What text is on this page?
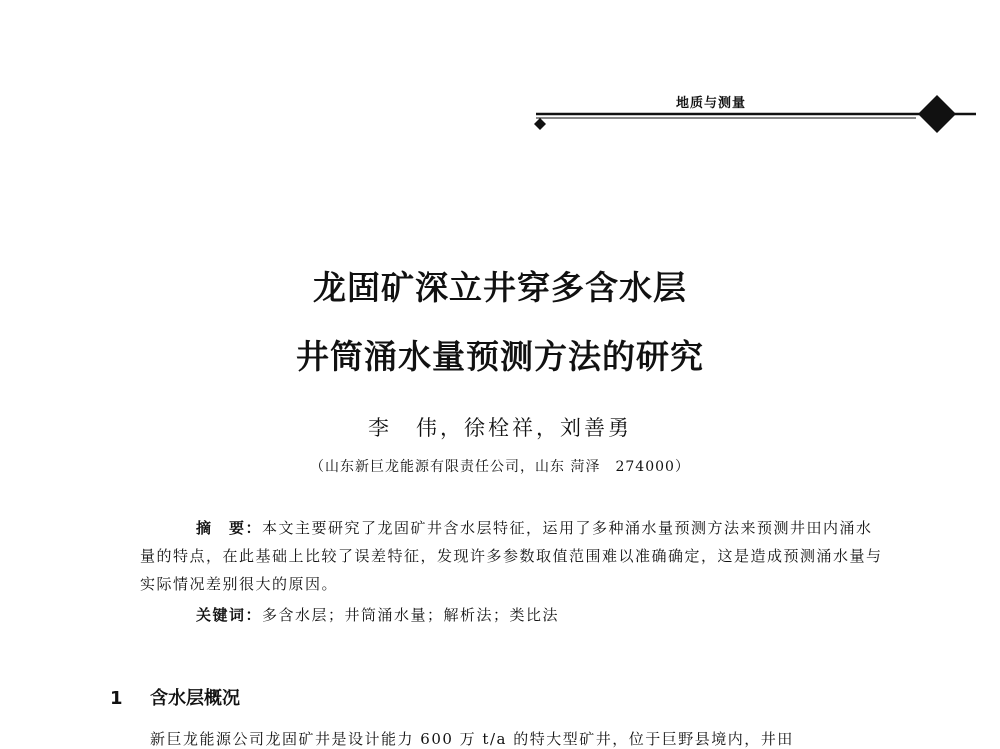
地质与测量
龙固矿深立井穿多含水层
井筒涌水量预测方法的研究
李　伟，徐栓祥，刘善勇
（山东新巨龙能源有限责任公司，山东 菏泽　274000）
摘　要：本文主要研究了龙固矿井含水层特征，运用了多种涌水量预测方法来预测井田内涌水量的特点，在此基础上比较了误差特征，发现许多参数取值范围难以准确确定，这是造成预测涌水量与实际情况差别很大的原因。
关键词：多含水层；井筒涌水量；解析法；类比法
1 含水层概况
新巨龙能源公司龙固矿井是设计能力 600 万 t/a 的特大型矿井，位于巨野县境内，井田
